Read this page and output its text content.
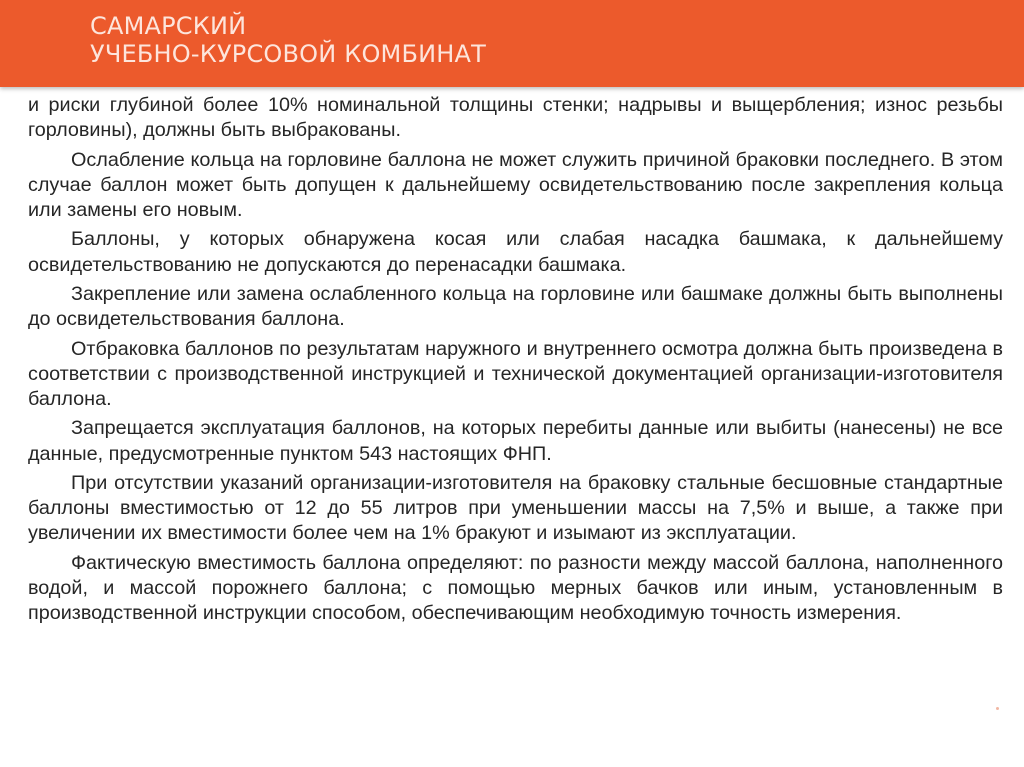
САМАРСКИЙ
УЧЕБНО-КУРСОВОЙ КОМБИНАТ

и риски глубиной более 10% номинальной толщины стенки; надрывы и выщербления; износ резьбы горловины), должны быть выбракованы.

Ослабление кольца на горловине баллона не может служить причиной браковки последнего. В этом случае баллон может быть допущен к дальнейшему освидетельствованию после закрепления кольца или замены его новым.

Баллоны, у которых обнаружена косая или слабая насадка башмака, к дальнейшему освидетельствованию не допускаются до перенасадки башмака.

Закрепление или замена ослабленного кольца на горловине или башмаке должны быть выполнены до освидетельствования баллона.

Отбраковка баллонов по результатам наружного и внутреннего осмотра должна быть произведена в соответствии с производственной инструкцией и технической документацией организации-изготовителя баллона.

Запрещается эксплуатация баллонов, на которых перебиты данные или выбиты (нанесены) не все данные, предусмотренные пунктом 543 настоящих ФНП.

При отсутствии указаний организации-изготовителя на браковку стальные бесшовные стандартные баллоны вместимостью от 12 до 55 литров при уменьшении массы на 7,5% и выше, а также при увеличении их вместимости более чем на 1% бракуют и изымают из эксплуатации.

Фактическую вместимость баллона определяют: по разности между массой баллона, наполненного водой, и массой порожнего баллона; с помощью мерных бачков или иным, установленным в производственной инструкции способом, обеспечивающим необходимую точность измерения.
